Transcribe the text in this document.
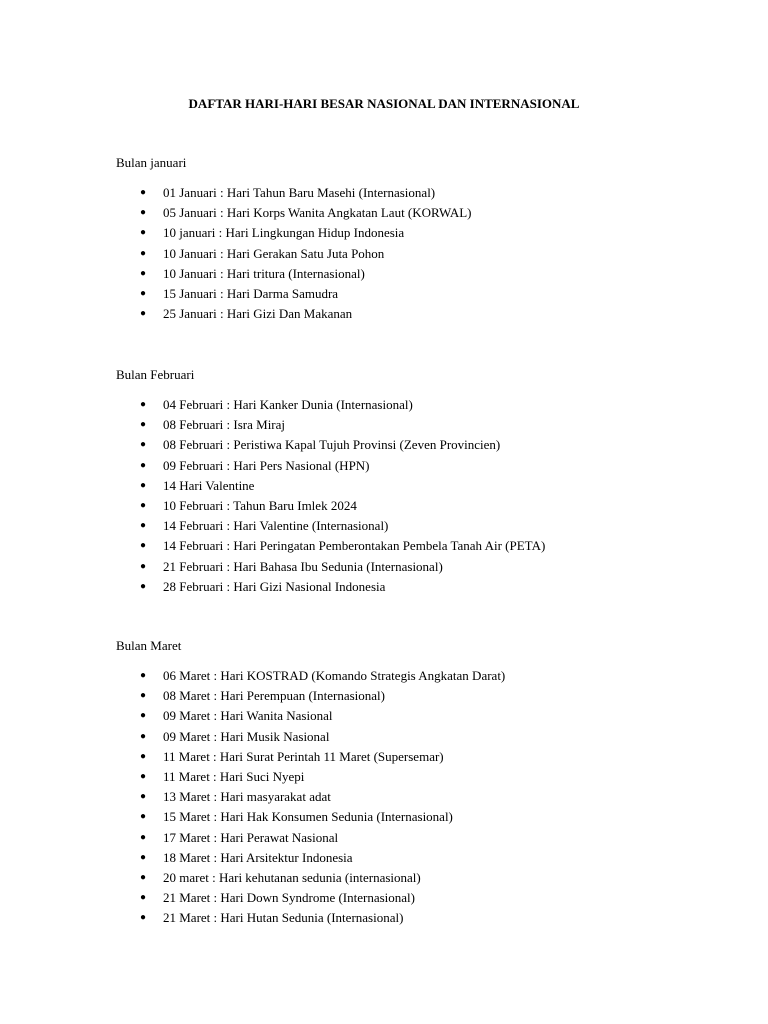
DAFTAR HARI-HARI BESAR NASIONAL DAN INTERNASIONAL
Bulan januari
● 01 Januari : Hari Tahun Baru Masehi (Internasional)
● 05 Januari : Hari Korps Wanita Angkatan Laut (KORWAL)
● 10 januari : Hari Lingkungan Hidup Indonesia
● 10 Januari : Hari Gerakan Satu Juta Pohon
● 10 Januari : Hari tritura (Internasional)
● 15 Januari : Hari Darma Samudra
● 25 Januari : Hari Gizi Dan Makanan
Bulan Februari
● 04 Februari : Hari Kanker Dunia (Internasional)
● 08 Februari : Isra Miraj
● 08 Februari : Peristiwa Kapal Tujuh Provinsi (Zeven Provincien)
● 09 Februari : Hari Pers Nasional (HPN)
● 14 Hari Valentine
● 10 Februari : Tahun Baru Imlek 2024
● 14 Februari : Hari Valentine (Internasional)
● 14 Februari : Hari Peringatan Pemberontakan Pembela Tanah Air (PETA)
● 21 Februari : Hari Bahasa Ibu Sedunia (Internasional)
● 28 Februari : Hari Gizi Nasional Indonesia
Bulan Maret
● 06 Maret : Hari KOSTRAD (Komando Strategis Angkatan Darat)
● 08 Maret : Hari Perempuan (Internasional)
● 09 Maret : Hari Wanita Nasional
● 09 Maret : Hari Musik Nasional
● 11 Maret : Hari Surat Perintah 11 Maret (Supersemar)
● 11 Maret : Hari Suci Nyepi
● 13 Maret : Hari masyarakat adat
● 15 Maret : Hari Hak Konsumen Sedunia (Internasional)
● 17 Maret : Hari Perawat Nasional
● 18 Maret : Hari Arsitektur Indonesia
● 20 maret : Hari kehutanan sedunia (internasional)
● 21 Maret : Hari Down Syndrome (Internasional)
● 21 Maret : Hari Hutan Sedunia (Internasional)
